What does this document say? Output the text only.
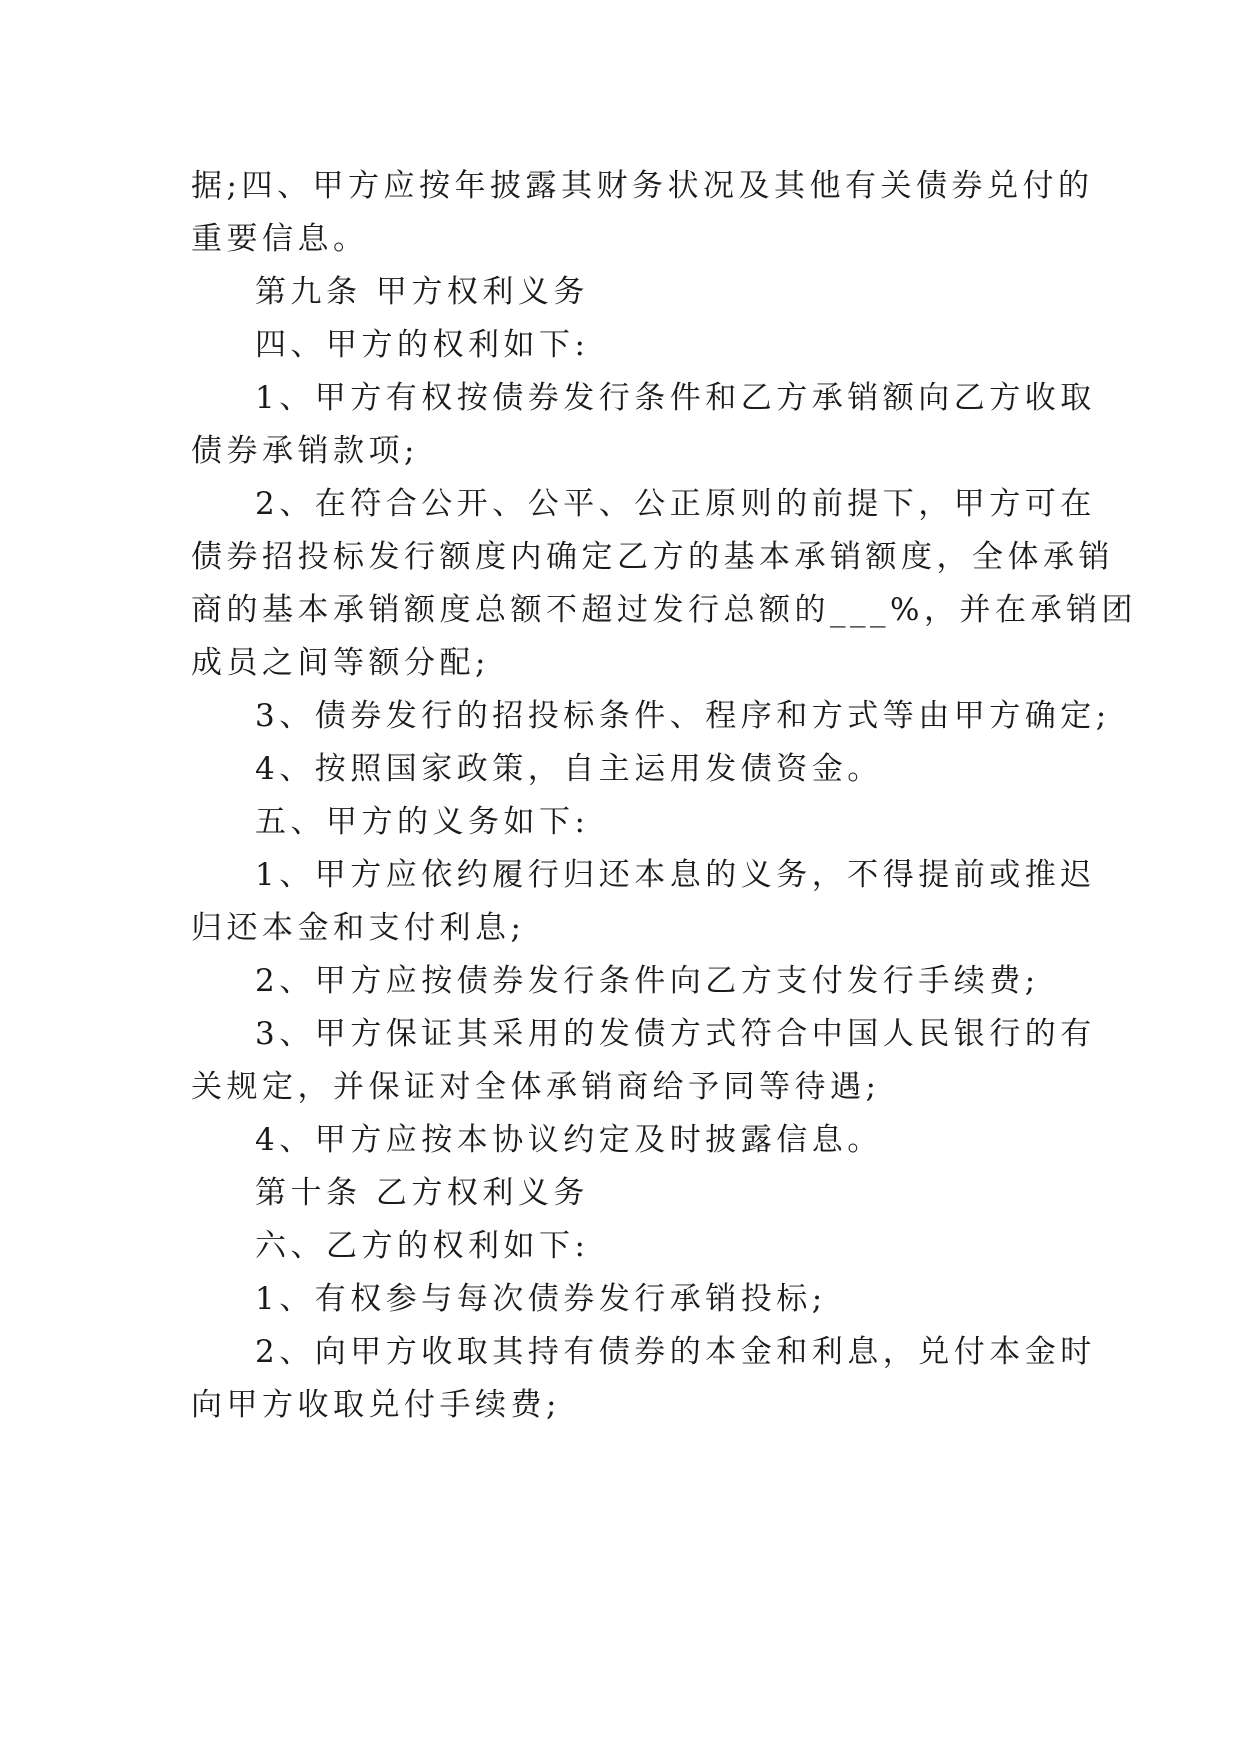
据;四、甲方应按年披露其财务状况及其他有关债券兑付的

重要信息。

第九条 甲方权利义务

四、甲方的权利如下:

1、甲方有权按债券发行条件和乙方承销额向乙方收取

债券承销款项;

2、在符合公开、公平、公正原则的前提下，甲方可在

债券招投标发行额度内确定乙方的基本承销额度，全体承销

商的基本承销额度总额不超过发行总额的___%，并在承销团

成员之间等额分配;

3、债券发行的招投标条件、程序和方式等由甲方确定;

4、按照国家政策，自主运用发债资金。

五、甲方的义务如下:

1、甲方应依约履行归还本息的义务，不得提前或推迟

归还本金和支付利息;

2、甲方应按债券发行条件向乙方支付发行手续费;

3、甲方保证其采用的发债方式符合中国人民银行的有

关规定，并保证对全体承销商给予同等待遇;

4、甲方应按本协议约定及时披露信息。

第十条 乙方权利义务

六、乙方的权利如下:

1、有权参与每次债券发行承销投标;

2、向甲方收取其持有债券的本金和利息，兑付本金时

向甲方收取兑付手续费;
